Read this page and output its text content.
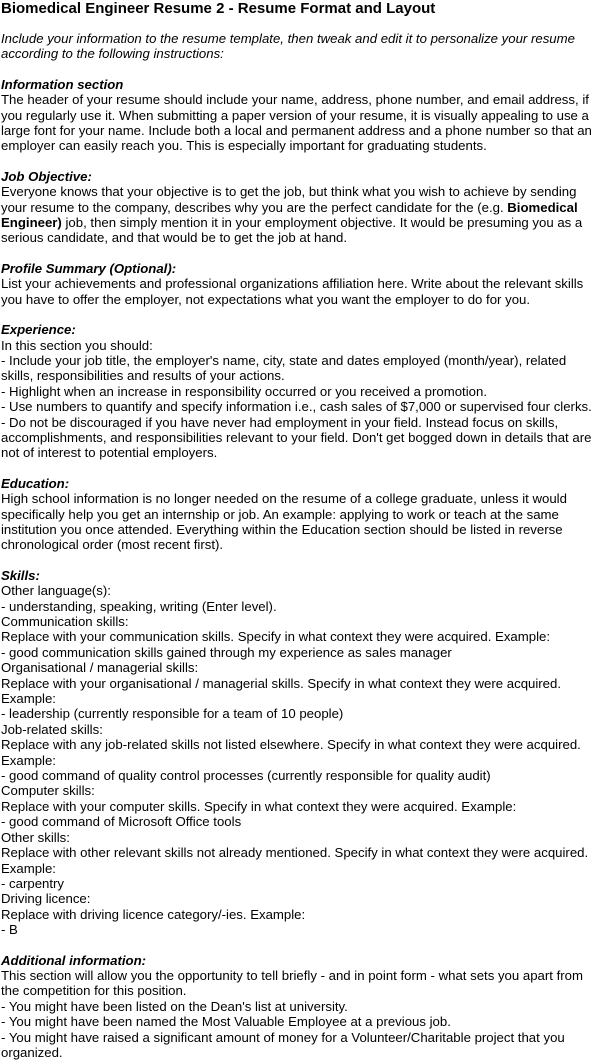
Biomedical Engineer Resume 2 - Resume Format and Layout

Include your information to the resume template, then tweak and edit it to personalize your resume according to the following instructions:

Information section

The header of your resume should include your name, address, phone number, and email address, if you regularly use it. When submitting a paper version of your resume, it is visually appealing to use a large font for your name. Include both a local and permanent address and a phone number so that an employer can easily reach you. This is especially important for graduating students.

Job Objective:

Everyone knows that your objective is to get the job, but think what you wish to achieve by sending your resume to the company, describes why you are the perfect candidate for the (e.g. Biomedical Engineer) job, then simply mention it in your employment objective. It would be presuming you as a serious candidate, and that would be to get the job at hand.

Profile Summary (Optional):

List your achievements and professional organizations affiliation here. Write about the relevant skills you have to offer the employer, not expectations what you want the employer to do for you.

Experience:
In this section you should:
- Include your job title, the employer's name, city, state and dates employed (month/year), related skills, responsibilities and results of your actions.
- Highlight when an increase in responsibility occurred or you received a promotion.
- Use numbers to quantify and specify information i.e., cash sales of $7,000 or supervised four clerks.
- Do not be discouraged if you have never had employment in your field. Instead focus on skills, accomplishments, and responsibilities relevant to your field. Don't get bogged down in details that are not of interest to potential employers.
Education:

High school information is no longer needed on the resume of a college graduate, unless it would specifically help you get an internship or job. An example: applying to work or teach at the same institution you once attended. Everything within the Education section should be listed in reverse chronological order (most recent first).

Skills:
Other language(s):
- understanding, speaking, writing (Enter level).
Communication skills:
Replace with your communication skills. Specify in what context they were acquired. Example:
- good communication skills gained through my experience as sales manager
Organisational / managerial skills:
Replace with your organisational / managerial skills. Specify in what context they were acquired.
Example:
- leadership (currently responsible for a team of 10 people)
Job-related skills:
Replace with any job-related skills not listed elsewhere. Specify in what context they were acquired.
Example:
- good command of quality control processes (currently responsible for quality audit)
Computer skills:
Replace with your computer skills. Specify in what context they were acquired. Example:
- good command of Microsoft Office tools
Other skills:
Replace with other relevant skills not already mentioned. Specify in what context they were acquired.
Example:
- carpentry
Driving licence:
Replace with driving licence category/-ies. Example:
- B
Additional information:
This section will allow you the opportunity to tell briefly - and in point form - what sets you apart from the competition for this position.
- You might have been listed on the Dean's list at university.
- You might have been named the Most Valuable Employee at a previous job.
- You might have raised a significant amount of money for a Volunteer/Charitable project that you organized.
